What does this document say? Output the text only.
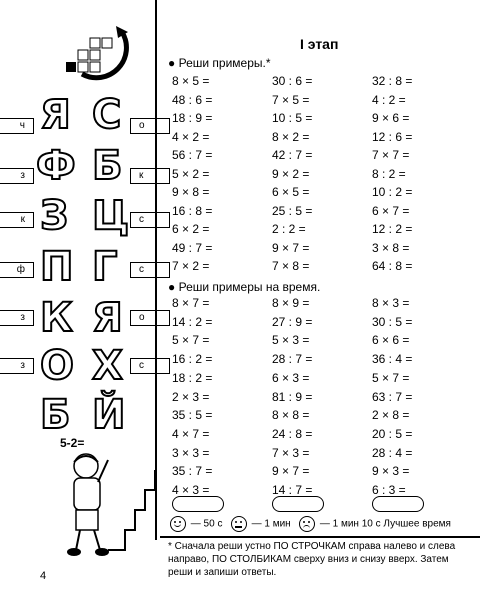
Я С
Ф Б
З Ц
П Г
К Я
О Х
Б Й
ч
з
к
ф
з
з
о
к
с
с
о
с
5-2=
I этап
● Реши примеры.*
8 × 5 =	30 : 6 =	32 : 8 =
48 : 6 =	7 × 5 =	4 : 2 =
18 : 9 =	10 : 5 =	9 × 6 =
4 × 2 =	8 × 2 =	12 : 6 =
56 : 7 =	42 : 7 =	7 × 7 =
5 × 2 =	9 × 2 =	8 : 2 =
9 × 8 =	6 × 5 =	10 : 2 =
16 : 8 =	25 : 5 =	6 × 7 =
6 × 2 =	2 : 2 =	12 : 2 =
49 : 7 =	9 × 7 =	3 × 8 =
7 × 2 =	7 × 8 =	64 : 8 =
● Реши примеры на время.
8 × 7 =	8 × 9 =	8 × 3 =
14 : 2 =	27 : 9 =	30 : 5 =
5 × 7 =	5 × 3 =	6 × 6 =
16 : 2 =	28 : 7 =	36 : 4 =
18 : 2 =	6 × 3 =	5 × 7 =
2 × 3 =	81 : 9 =	63 : 7 =
35 : 5 =	8 × 8 =	2 × 8 =
4 × 7 =	24 : 8 =	20 : 5 =
3 × 3 =	7 × 3 =	28 : 4 =
35 : 7 =	9 × 7 =	9 × 3 =
4 × 3 =	14 : 7 =	6 : 3 =
— 50 с	— 1 мин	— 1 мин 10 с Лучшее время
* Сначала реши устно ПО СТРОЧКАМ справа налево и слева направо, ПО СТОЛБИКАМ сверху вниз и снизу вверх. Затем реши и запиши ответы.
4
